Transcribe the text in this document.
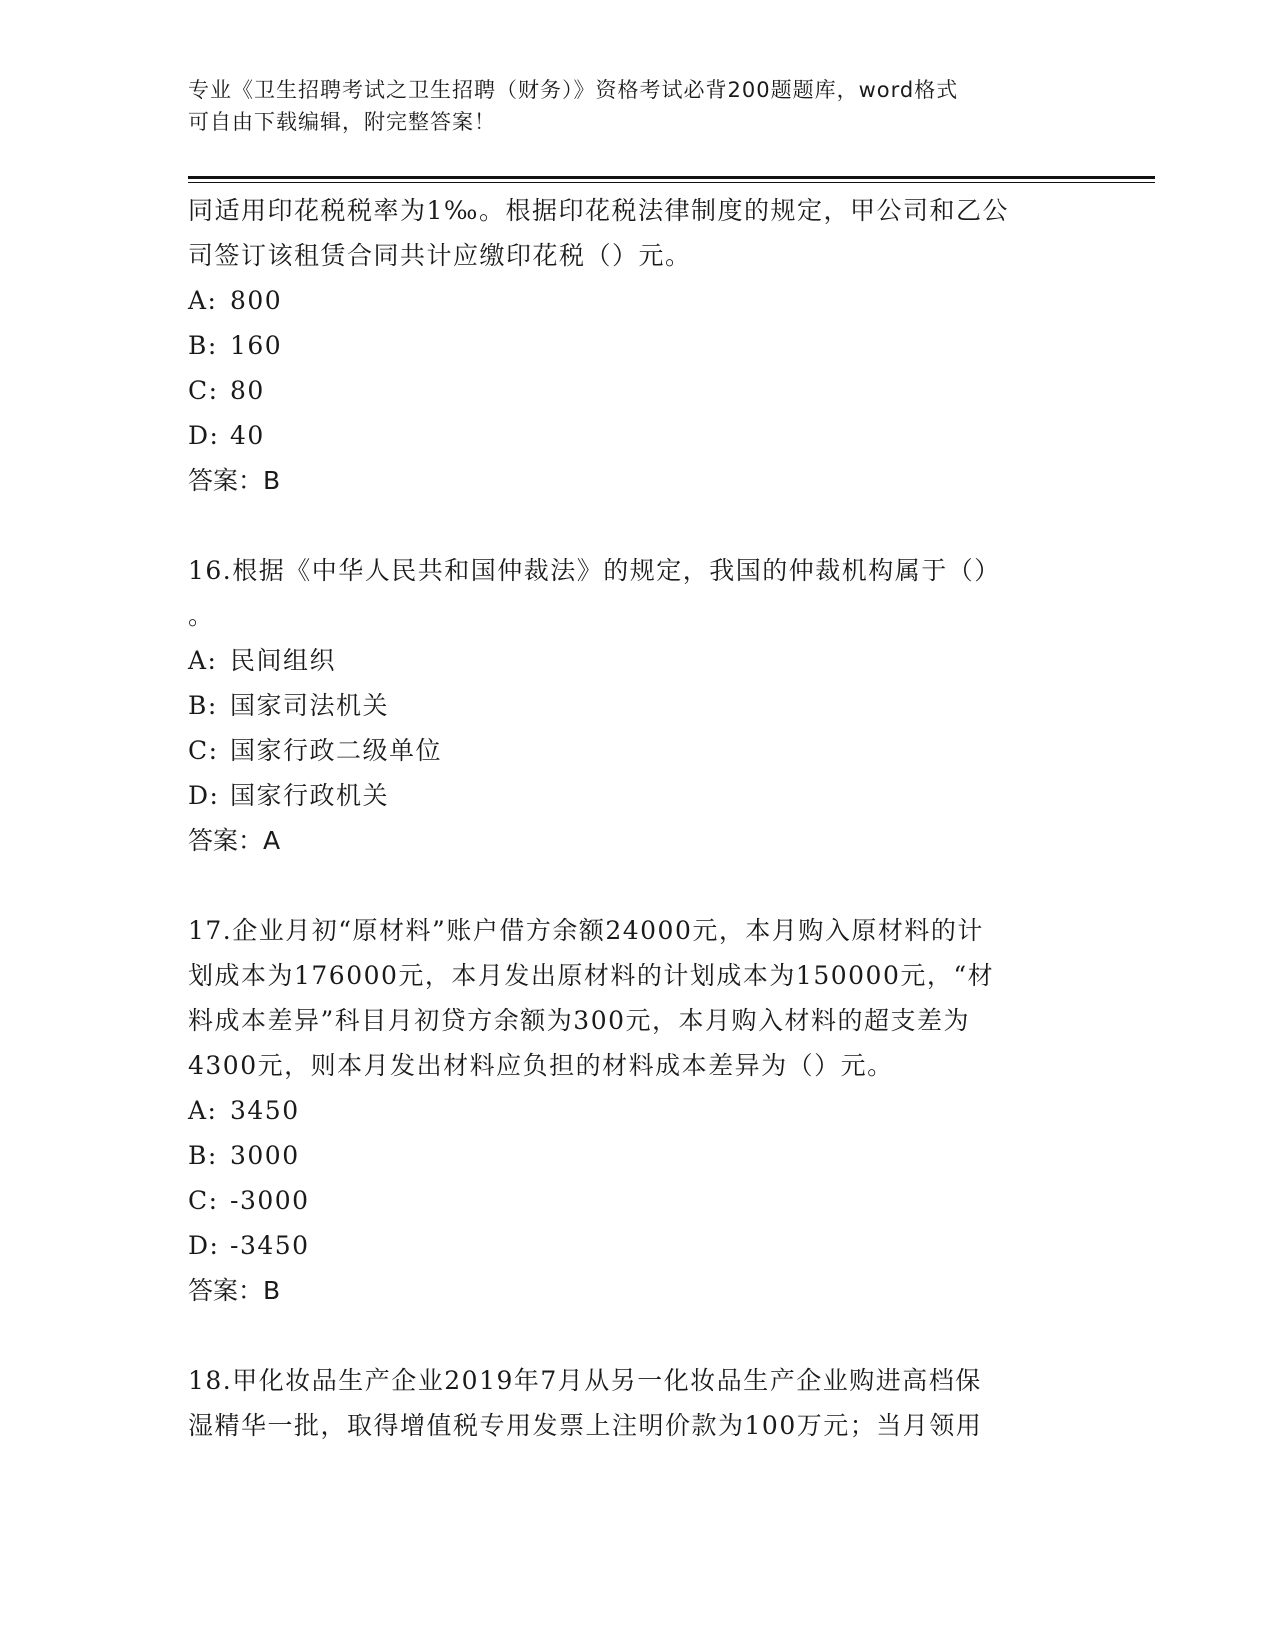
专业《卫生招聘考试之卫生招聘（财务）》资格考试必背200题题库，word格式
可自由下载编辑，附完整答案！
同适用印花税税率为1‰。根据印花税法律制度的规定，甲公司和乙公
司签订该租赁合同共计应缴印花税（）元。
A: 800
B: 160
C: 80
D: 40
答案：B
16.根据《中华人民共和国仲裁法》的规定，我国的仲裁机构属于（）
。
A: 民间组织
B: 国家司法机关
C: 国家行政二级单位
D: 国家行政机关
答案：A
17.企业月初“原材料”账户借方余额24000元，本月购入原材料的计
划成本为176000元，本月发出原材料的计划成本为150000元，“材
料成本差异”科目月初贷方余额为300元，本月购入材料的超支差为
4300元，则本月发出材料应负担的材料成本差异为（）元。
A: 3450
B: 3000
C: -3000
D: -3450
答案：B
18.甲化妆品生产企业2019年7月从另一化妆品生产企业购进高档保
湿精华一批，取得增值税专用发票上注明价款为100万元；当月领用
